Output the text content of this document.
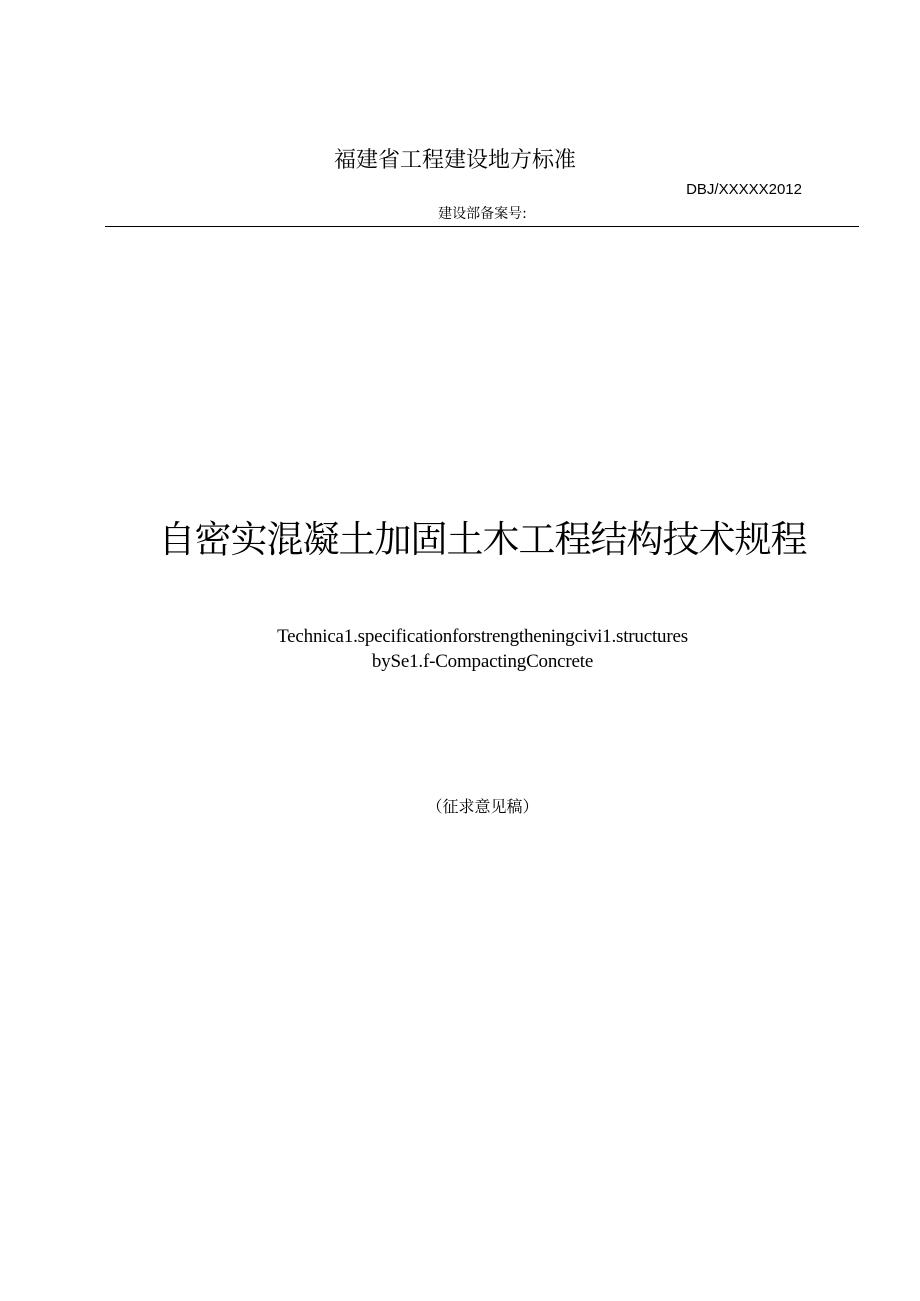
福建省工程建设地方标准
DBJ/XXXXX2012
建设部备案号:
自密实混凝土加固土木工程结构技术规程
Technica1.specificationforstrengtheningcivi1.structures
bySe1.f-CompactingConcrete
（征求意见稿）
